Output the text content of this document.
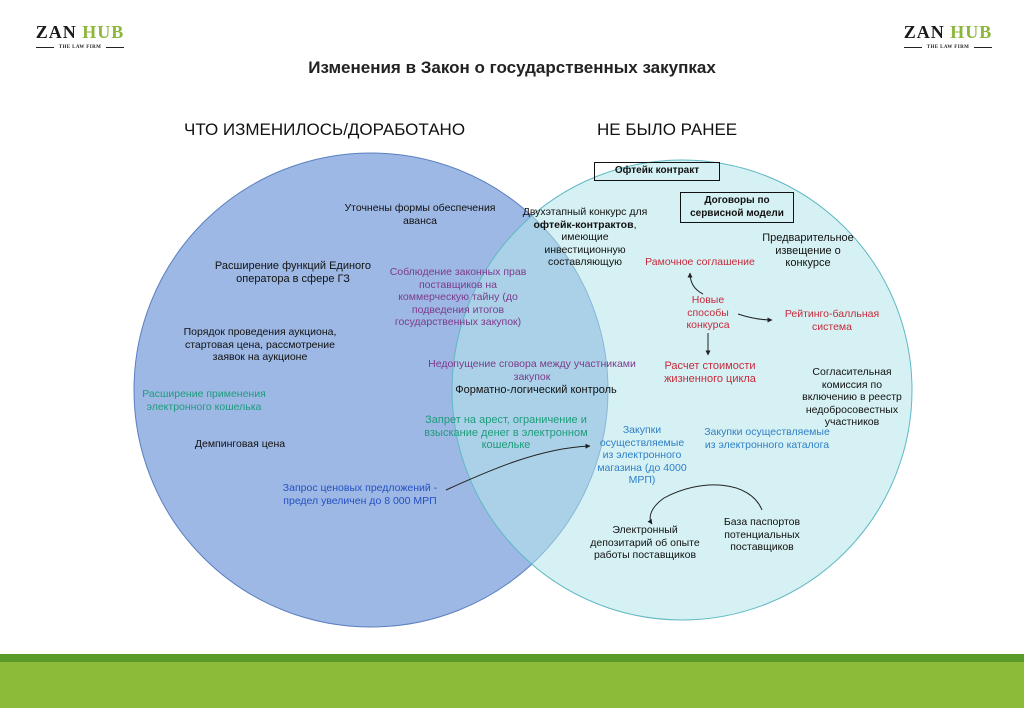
ZAN HUB
THE LAW FIRM
ZAN HUB
THE LAW FIRM
Изменения в Закон о государственных закупках
ЧТО ИЗМЕНИЛОСЬ/ДОРАБОТАНО	НЕ БЫЛО РАНЕЕ
Уточнены формы обеспечения аванса
Расширение функций Единого оператора в сфере ГЗ
Порядок проведения аукциона, стартовая цена, рассмотрение заявок на аукционе
Расширение применения электронного кошелька
Демпинговая цена
Запрос ценовых предложений - предел увеличен до 8 000 МРП
Соблюдение законных прав поставщиков на коммерческую тайну (до подведения итогов государственных закупок)
Недопущение сговора между участниками закупок
Форматно-логический контроль
Запрет на арест, ограничение и взыскание денег в электронном кошельке
Офтейк контракт
Договоры по сервисной модели
Двухэтапный конкурс для офтейк-контрактов, имеющие инвестиционную составляющую
Предварительное извещение о конкурсе
Рамочное соглашение
Новые способы конкурса
Рейтинго-балльная система
Расчет стоимости жизненного цикла
Согласительная комиссия по включению в реестр недобросовестных участников
Закупки осуществляемые из электронного магазина (до 4000 МРП)
Закупки осуществляемые из электронного каталога
Электронный депозитарий об опыте работы поставщиков
База паспортов потенциальных поставщиков
